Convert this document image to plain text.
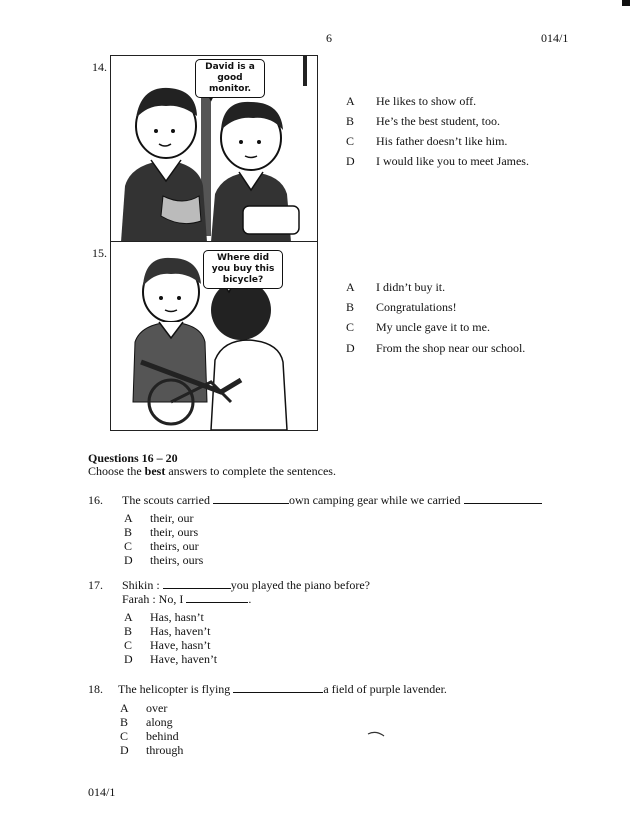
6	014/1
14.	David is a good monitor.
A He likes to show off.
B He’s the best student, too.
C His father doesn’t like him.
D I would like you to meet James.
15.	Where did you buy this bicycle?	A I didn’t buy it.
B Congratulations!
C My uncle gave it to me.
D From the shop near our school.
Questions 16 – 20
Choose the best answers to complete the sentences.
16. The scouts carried	own camping gear while we carried
A their, our
B their, ours
C theirs, our
D theirs, ours
17. Shikin :	you played the piano before?
Farah : No, I	.
A Has, hasn’t
B Has, haven’t
C Have, hasn’t
D Have, haven’t
18. The helicopter is flying	a field of purple lavender.
A over
B along
C behind
D through
014/1
